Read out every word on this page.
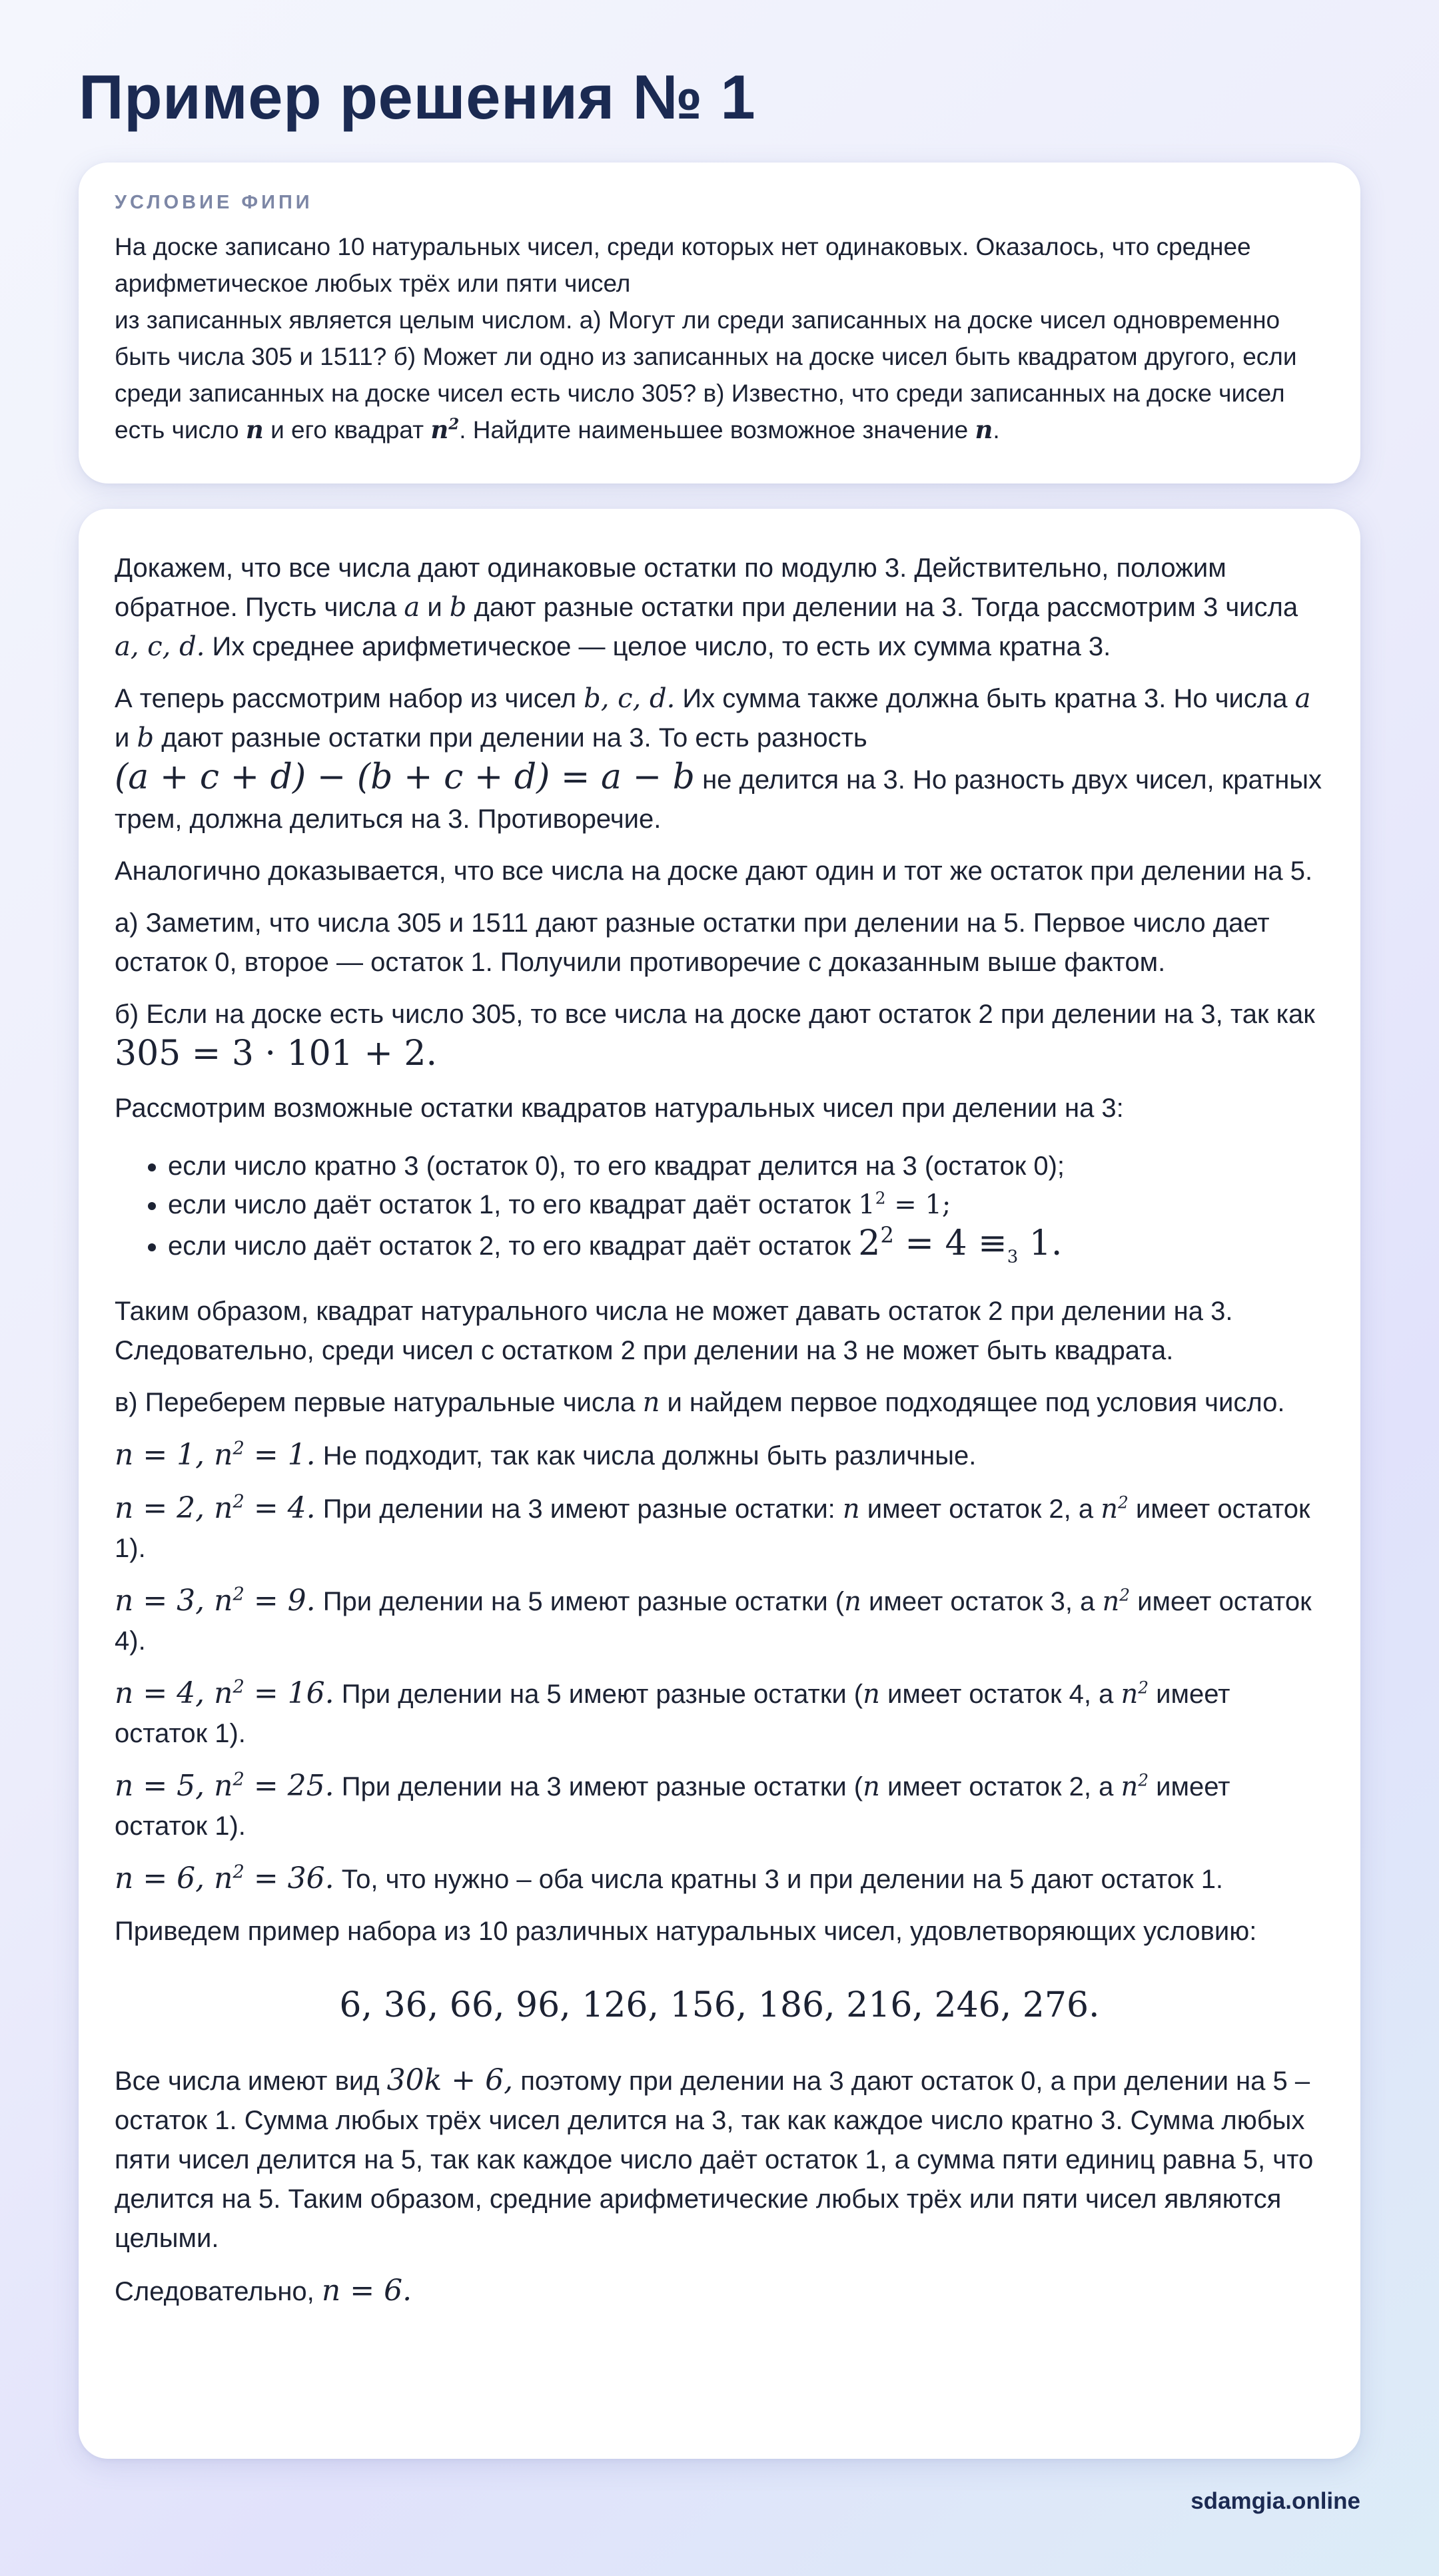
Пример решения № 1
УСЛОВИЕ ФИПИ

На доске записано 10 натуральных чисел, среди которых нет одинаковых. Оказалось, что среднее арифметическое любых трёх или пяти чисел
из записанных является целым числом. а) Могут ли среди записанных на доске чисел одновременно быть числа 305 и 1511? б) Может ли одно из записанных на доске чисел быть квадратом другого, если среди записанных на доске чисел есть число 305? в) Известно, что среди записанных на доске чисел есть число n и его квадрат $n^2$. Найдите наименьшее возможное значение n.

Докажем, что все числа дают одинаковые остатки по модулю 3. Действительно, положим обратное. Пусть числа a и b дают разные остатки при делении на 3. Тогда рассмотрим 3 числа a, c, d. Их среднее арифметическое — целое число, то есть их сумма кратна 3.

А теперь рассмотрим набор из чисел b, c, d. Их сумма также должна быть кратна 3. Но числа a и b дают разные остатки при делении на 3. То есть разность
(a + c + d) − (b + c + d) = a − b не делится на 3. Но разность двух чисел, кратных трем, должна делиться на 3. Противоречие.

Аналогично доказывается, что все числа на доске дают один и тот же остаток при делении на 5.

а) Заметим, что числа 305 и 1511 дают разные остатки при делении на 5. Первое число дает остаток 0, второе — остаток 1. Получили противоречие с доказанным выше фактом.

б) Если на доске есть число 305, то все числа на доске дают остаток 2 при делении на 3, так как 305 = 3 · 101 + 2.

Рассмотрим возможные остатки квадратов натуральных чисел при делении на 3:

• если число кратно 3 (остаток 0), то его квадрат делится на 3 (остаток 0);
• если число даёт остаток 1, то его квадрат даёт остаток $1^2 = 1$;
• если число даёт остаток 2, то его квадрат даёт остаток $2^2 = 4 \equiv_3$ 1.

Таким образом, квадрат натурального числа не может давать остаток 2 при делении на 3. Следовательно, среди чисел с остатком 2 при делении на 3 не может быть квадрата.

в) Переберем первые натуральные числа n и найдем первое подходящее под условия число.

n = 1, $n^2 = 1$. Не подходит, так как числа должны быть различные.

n = 2, $n^2 = 4$. При делении на 3 имеют разные остатки: n имеет остаток 2, а $n^2$ имеет остаток 1).

n = 3, $n^2 = 9$. При делении на 5 имеют разные остатки (n имеет остаток 3, а $n^2$ имеет остаток 4).

n = 4, $n^2 = 16$. При делении на 5 имеют разные остатки (n имеет остаток 4, а $n^2$ имеет остаток 1).

n = 5, $n^2 = 25$. При делении на 3 имеют разные остатки (n имеет остаток 2, а $n^2$ имеет остаток 1).

n = 6, $n^2 = 36$. То, что нужно – оба числа кратны 3 и при делении на 5 дают остаток 1.

Приведем пример набора из 10 различных натуральных чисел, удовлетворяющих условию:

6, 36, 66, 96, 126, 156, 186, 216, 246, 276.

Все числа имеют вид 30k + 6, поэтому при делении на 3 дают остаток 0, а при делении на 5 – остаток 1. Сумма любых трёх чисел делится на 3, так как каждое число кратно 3. Сумма любых пяти чисел делится на 5, так как каждое число даёт остаток 1, а сумма пяти единиц равна 5, что делится на 5. Таким образом, средние арифметические любых трёх или пяти чисел являются целыми.

Следовательно, n = 6.

sdamgia.online
